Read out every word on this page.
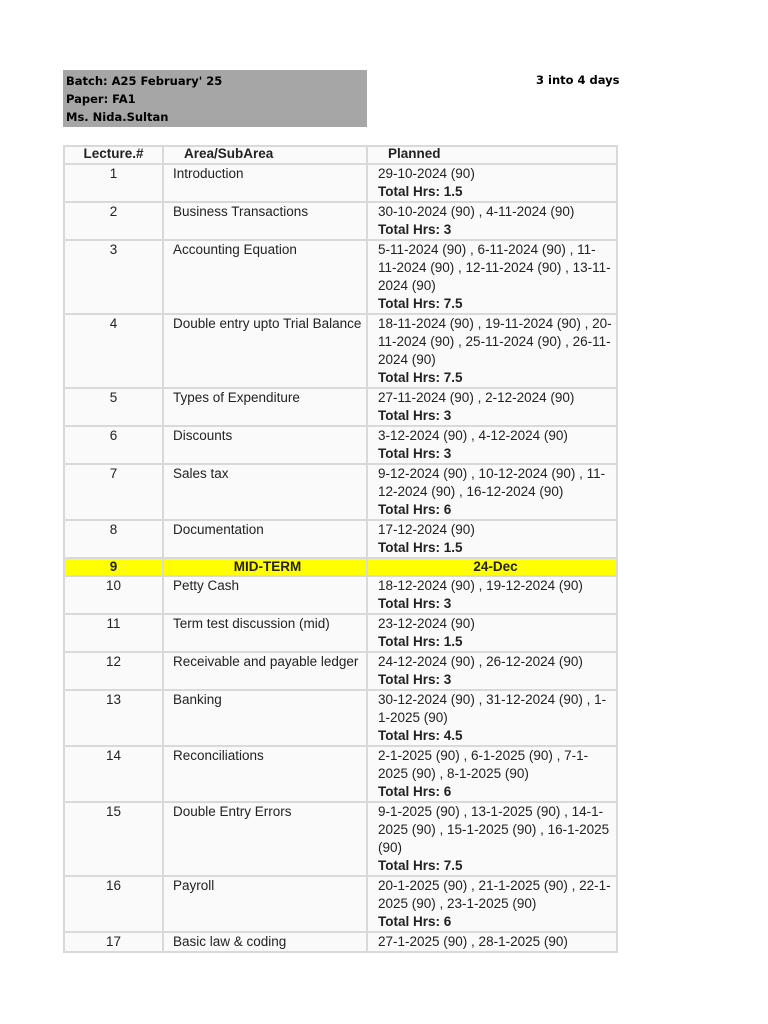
Batch: A25 February' 25
Paper: FA1
Ms. Nida.Sultan
3 into 4 days
Lecture.#	Area/SubArea	Planned
1	Introduction	29-10-2024 (90)
Total Hrs: 1.5

2	Business Transactions	30-10-2024 (90) , 4-11-2024 (90)
Total Hrs: 3

3	Accounting Equation	5-11-2024 (90) , 6-11-2024 (90) , 11-11-2024 (90) , 12-11-2024 (90) , 13-11-2024 (90)
Total Hrs: 7.5

4	Double entry upto Trial Balance	18-11-2024 (90) , 19-11-2024 (90) , 20-11-2024 (90) , 25-11-2024 (90) , 26-11-2024 (90)
Total Hrs: 7.5

5	Types of Expenditure	27-11-2024 (90) , 2-12-2024 (90)
Total Hrs: 3

6	Discounts	3-12-2024 (90) , 4-12-2024 (90)
Total Hrs: 3

7	Sales tax	9-12-2024 (90) , 10-12-2024 (90) , 11-12-2024 (90) , 16-12-2024 (90)
Total Hrs: 6

8	Documentation	17-12-2024 (90)
Total Hrs: 1.5

9	MID-TERM	24-Dec
10	Petty Cash	18-12-2024 (90) , 19-12-2024 (90)
Total Hrs: 3

11	Term test discussion (mid)	23-12-2024 (90)
Total Hrs: 1.5

12	Receivable and payable ledger	24-12-2024 (90) , 26-12-2024 (90)
Total Hrs: 3

13	Banking	30-12-2024 (90) , 31-12-2024 (90) , 1-1-2025 (90)
Total Hrs: 4.5

14	Reconciliations	2-1-2025 (90) , 6-1-2025 (90) , 7-1-2025 (90) , 8-1-2025 (90)
Total Hrs: 6

15	Double Entry Errors	9-1-2025 (90) , 13-1-2025 (90) , 14-1-2025 (90) , 15-1-2025 (90) , 16-1-2025 (90)
Total Hrs: 7.5

16	Payroll	20-1-2025 (90) , 21-1-2025 (90) , 22-1-2025 (90) , 23-1-2025 (90)
Total Hrs: 6

17	Basic law & coding	27-1-2025 (90) , 28-1-2025 (90)
